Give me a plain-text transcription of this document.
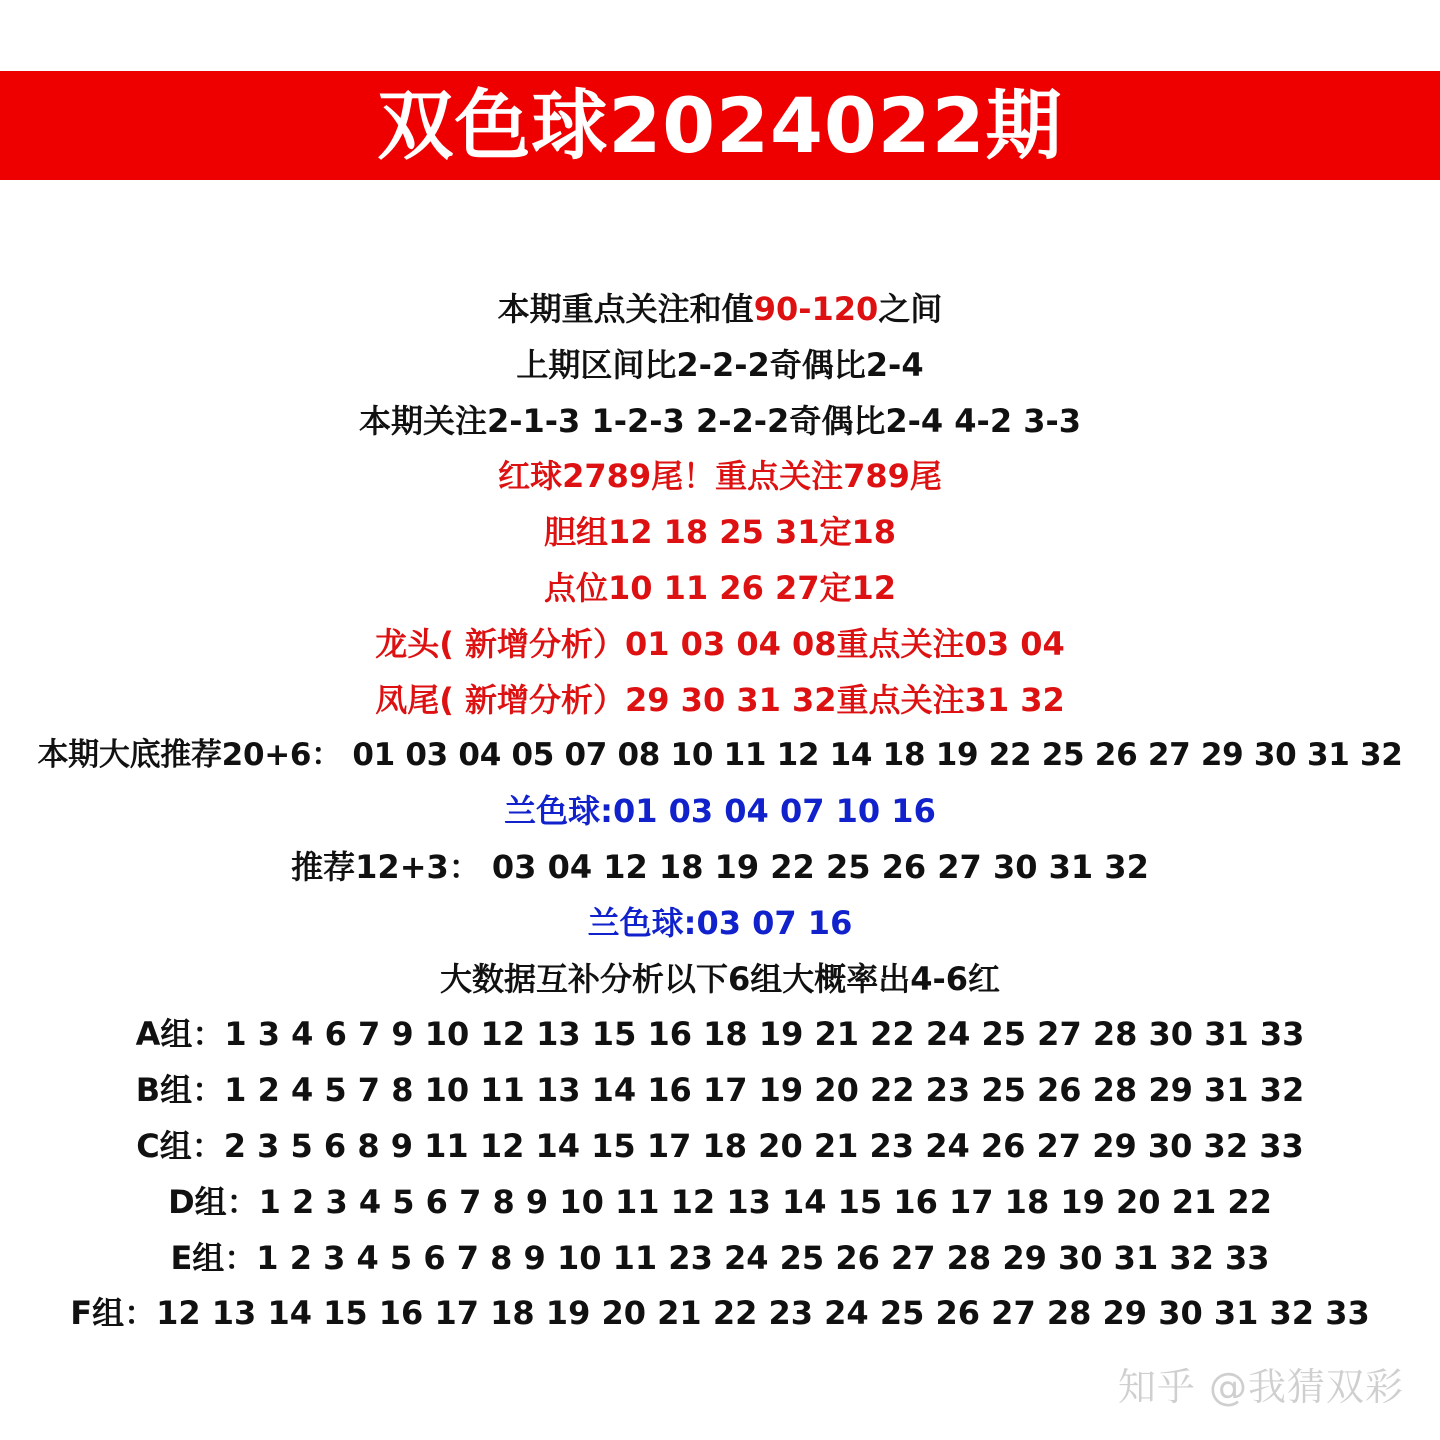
双色球2024022期
本期重点关注和值90-120之间
上期区间比2-2-2奇偶比2-4
本期关注2-1-3 1-2-3 2-2-2奇偶比2-4 4-2 3-3
红球2789尾！重点关注789尾
胆组12 18 25 31定18
点位10 11 26 27定12
龙头( 新增分析）01 03 04 08重点关注03 04
凤尾( 新增分析）29 30 31 32重点关注31 32
本期大底推荐20+6： 01 03 04 05 07 08 10 11 12 14 18 19 22 25 26 27 29 30 31 32
兰色球:01 03 04 07 10 16
推荐12+3： 03 04 12 18 19 22 25 26 27 30 31 32
兰色球:03 07 16
大数据互补分析以下6组大概率出4-6红
A组：1 3 4 6 7 9 10 12 13 15 16 18 19 21 22 24 25 27 28 30 31 33
B组：1 2 4 5 7 8 10 11 13 14 16 17 19 20 22 23 25 26 28 29 31 32
C组：2 3 5 6 8 9 11 12 14 15 17 18 20 21 23 24 26 27 29 30 32 33
D组：1 2 3 4 5 6 7 8 9 10 11 12 13 14 15 16 17 18 19 20 21 22
E组：1 2 3 4 5 6 7 8 9 10 11 23 24 25 26 27 28 29 30 31 32 33
F组：12 13 14 15 16 17 18 19 20 21 22 23 24 25 26 27 28 29 30 31 32 33
知乎 @我猜双彩
